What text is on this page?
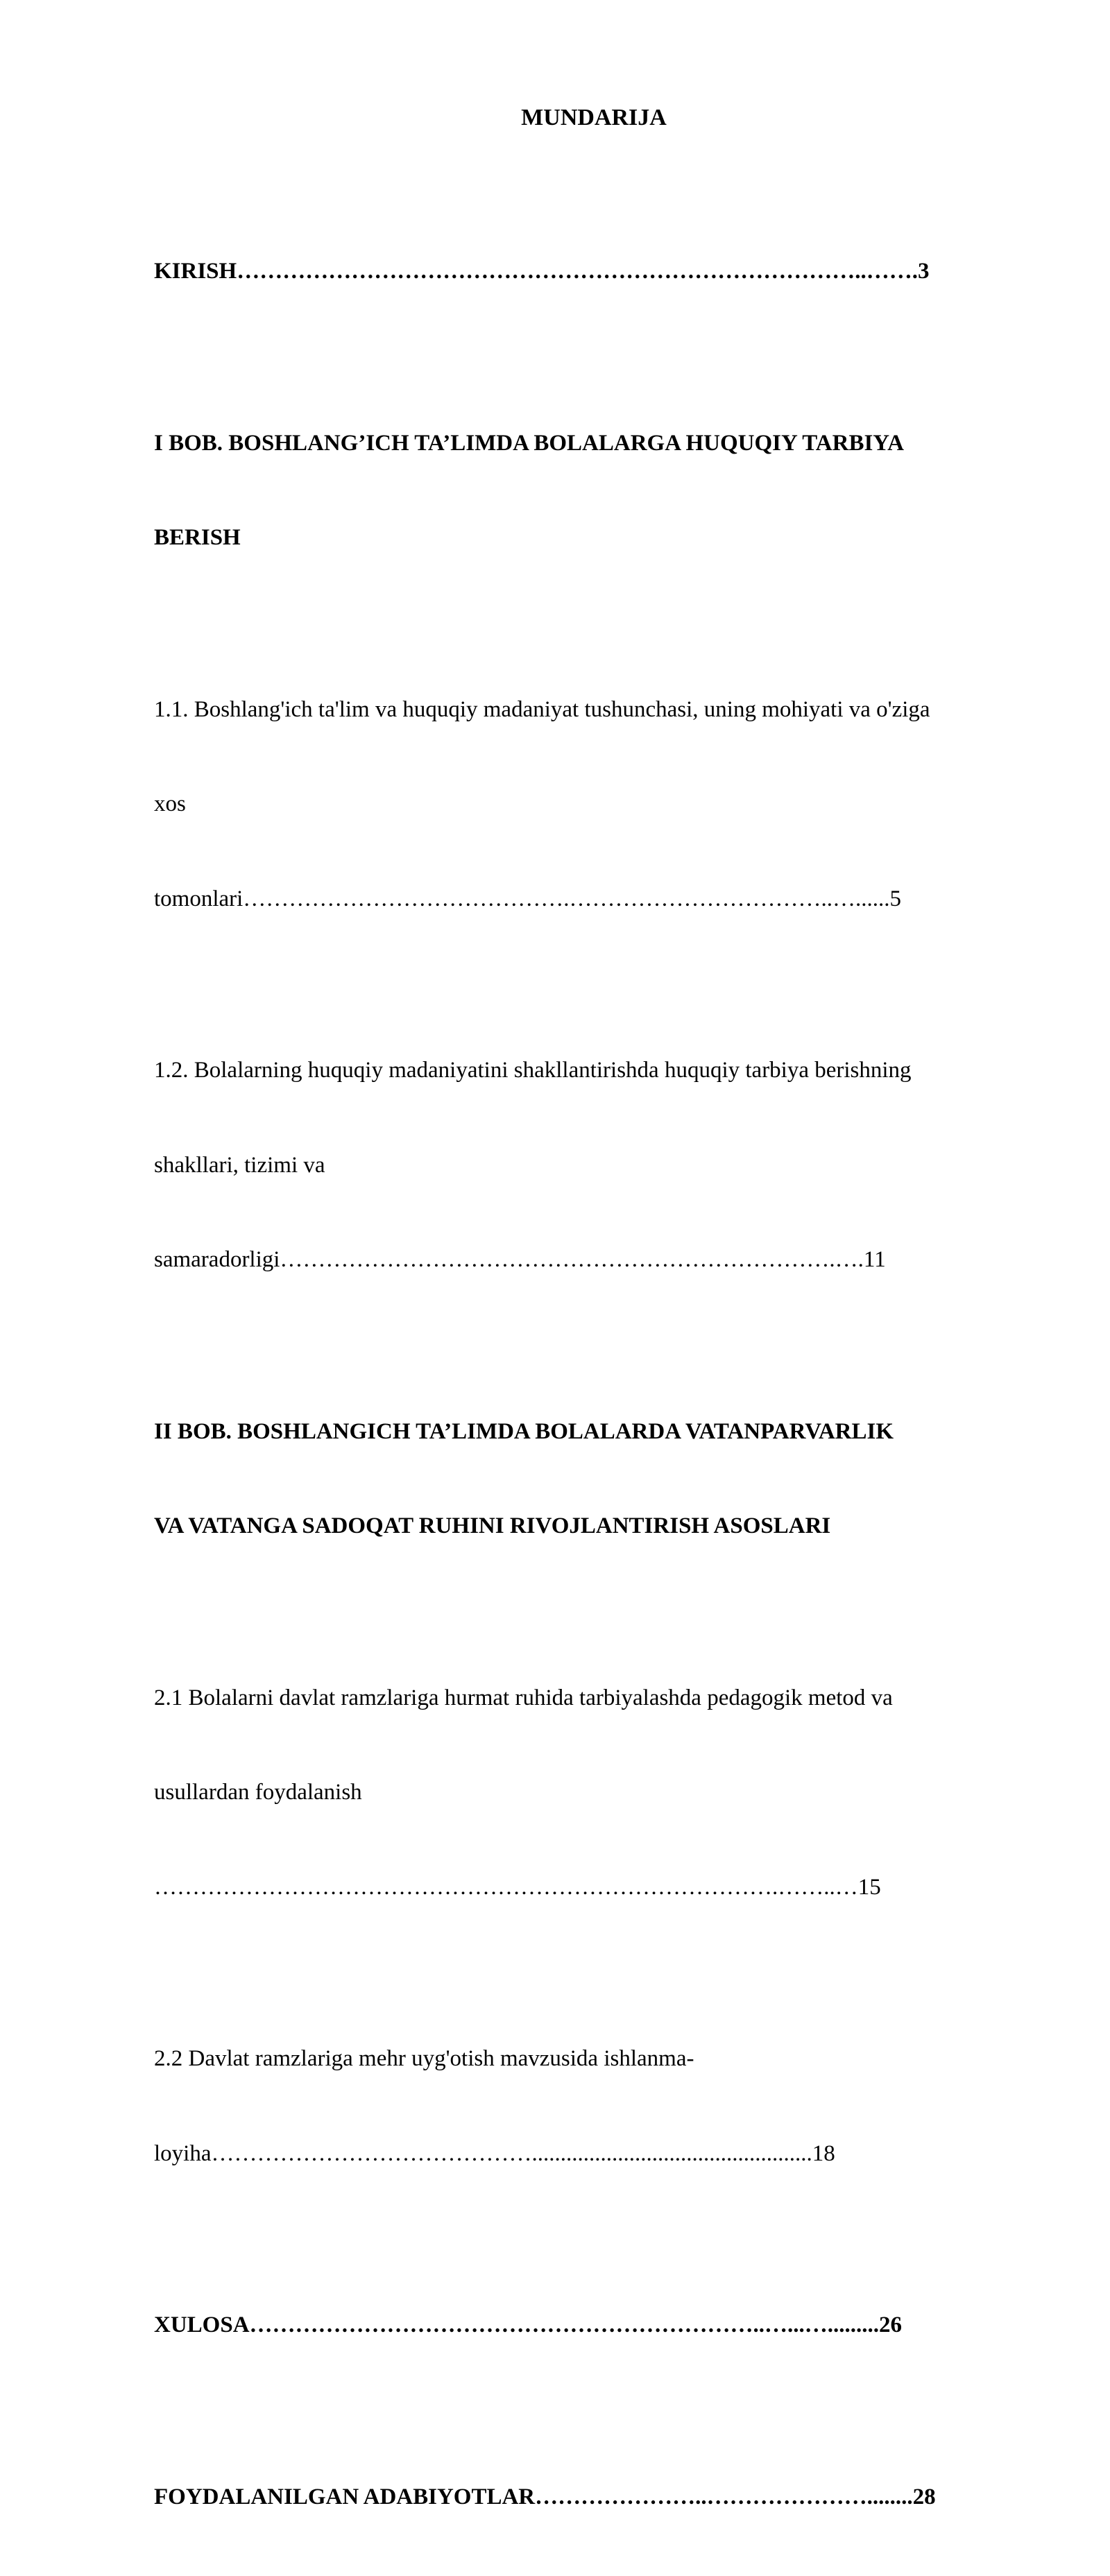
MUNDARIJA

KIRISH………………………………………………………………………..…….3

I BOB. BOSHLANG’ICH TA’LIMDA BOLALARGA HUQUQIY TARBIYA

BERISH

1.1. Boshlang'ich ta'lim va huquqiy madaniyat tushunchasi, uning mohiyati va o'ziga

xos

tomonlari…………………………………….……………………………..…......5

1.2. Bolalarning huquqiy madaniyatini shakllantirishda huquqiy tarbiya berishning

shakllari, tizimi va

samaradorligi……………………………………………………………….….11

II BOB. BOSHLANGICH TA’LIMDA BOLALARDA VATANPARVARLIK

VA VATANGA SADOQAT RUHINI RIVOJLANTIRISH ASOSLARI

2.1 Bolalarni davlat ramzlariga hurmat ruhida tarbiyalashda pedagogik metod va

usullardan foydalanish

……………………………………………………………………….……..…15

2.2 Davlat ramzlariga mehr uyg'otish mavzusida ishlanma-

loyiha…………………………………….................................................18

XULOSA…………………………………………………………..…...….........26

FOYDALANILGAN ADABIYOTLAR…………………..…………………........28
